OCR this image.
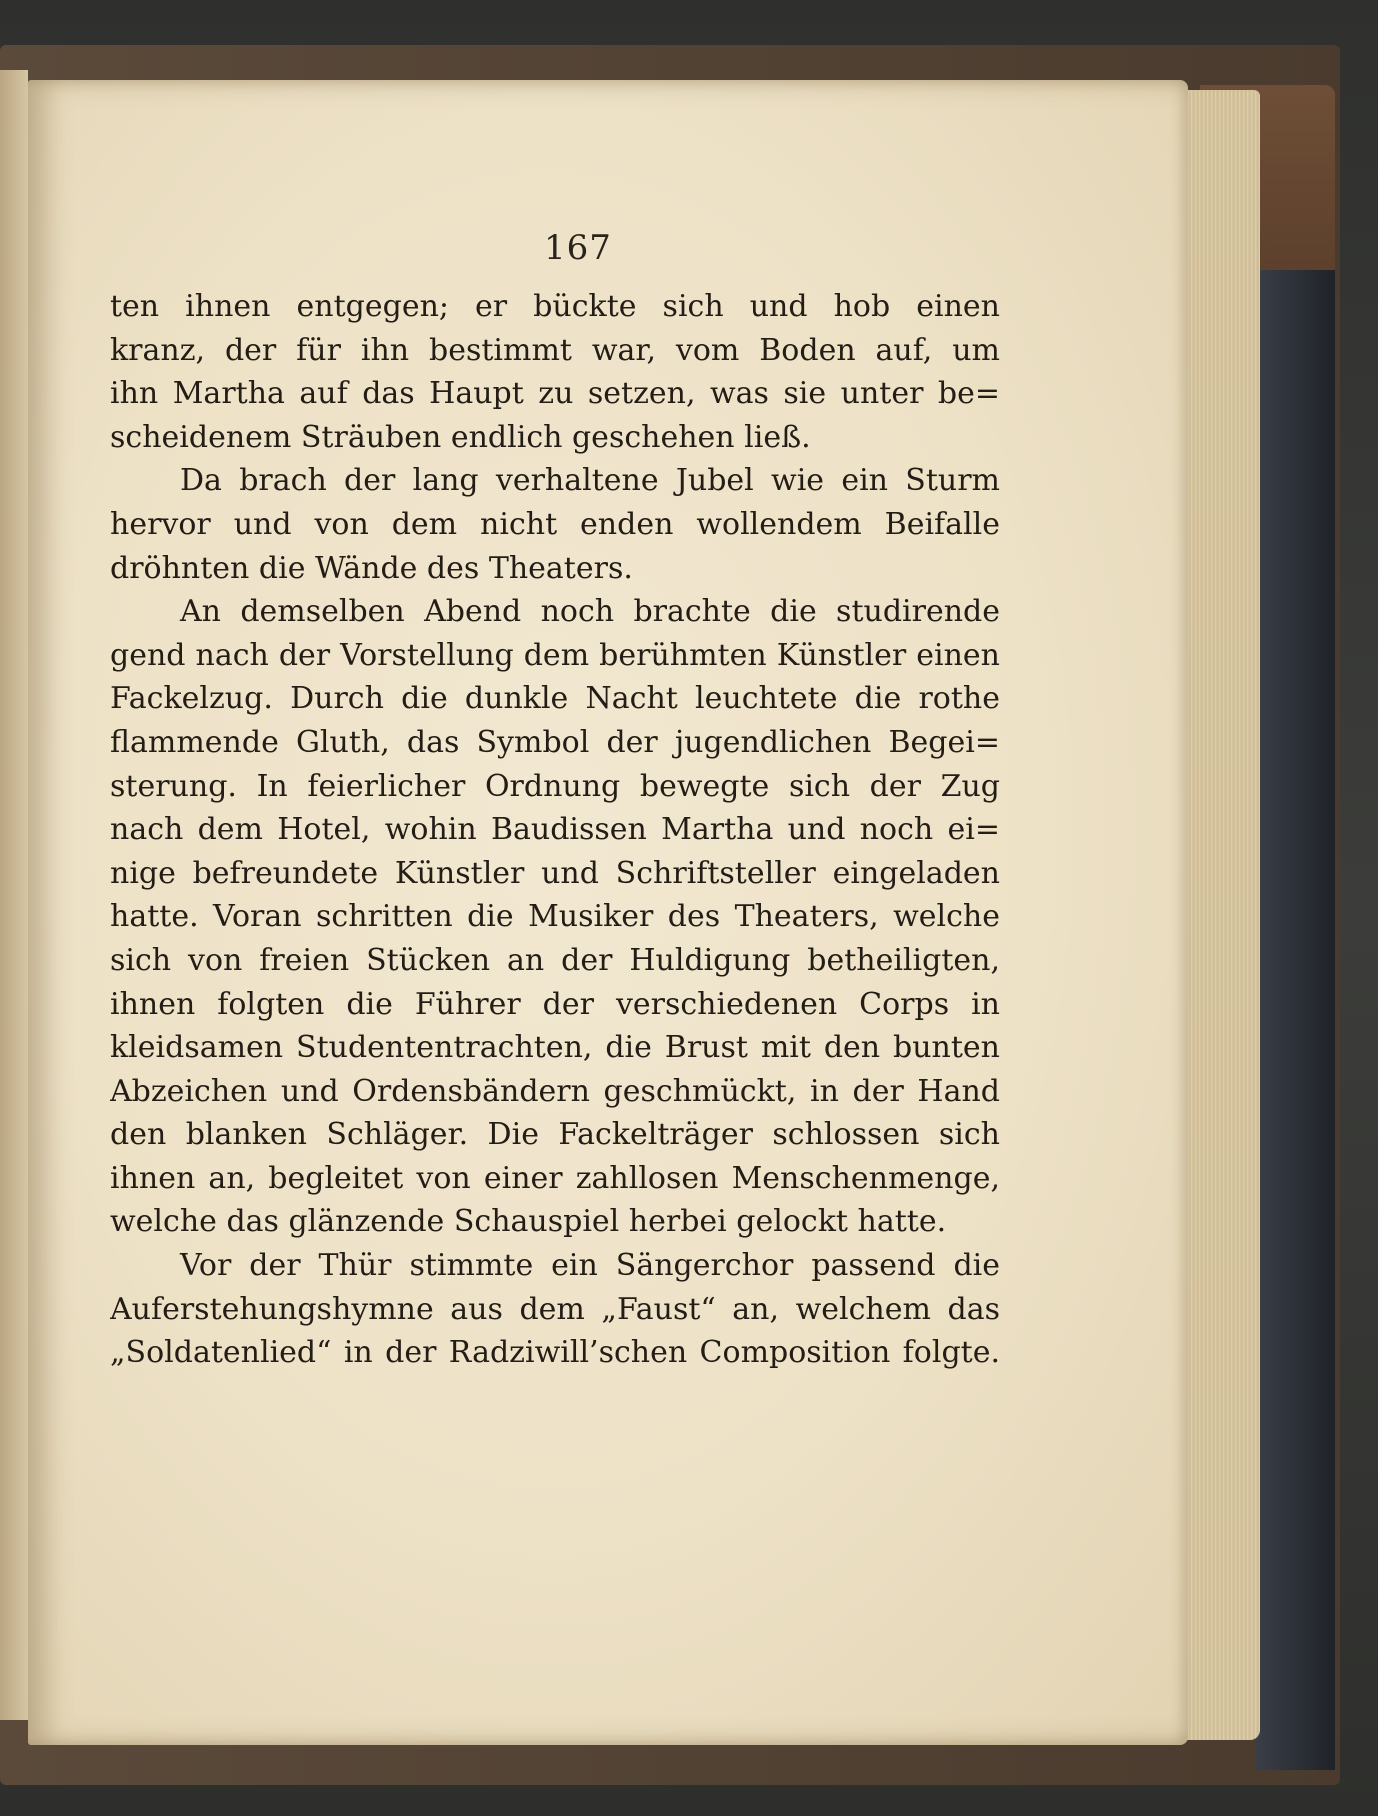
167
ten ihnen entgegen; er bückte sich und hob einen
kranz, der für ihn bestimmt war, vom Boden auf, um
ihn Martha auf das Haupt zu setzen, was sie unter be=
scheidenem Sträuben endlich geschehen ließ.
Da brach der lang verhaltene Jubel wie ein Sturm
hervor und von dem nicht enden wollendem Beifalle
dröhnten die Wände des Theaters.
An demselben Abend noch brachte die studirende
gend nach der Vorstellung dem berühmten Künstler einen
Fackelzug. Durch die dunkle Nacht leuchtete die rothe
flammende Gluth, das Symbol der jugendlichen Begei=
sterung. In feierlicher Ordnung bewegte sich der Zug
nach dem Hotel, wohin Baudissen Martha und noch ei=
nige befreundete Künstler und Schriftsteller eingeladen
hatte. Voran schritten die Musiker des Theaters, welche
sich von freien Stücken an der Huldigung betheiligten,
ihnen folgten die Führer der verschiedenen Corps in
kleidsamen Studententrachten, die Brust mit den bunten
Abzeichen und Ordensbändern geschmückt, in der Hand
den blanken Schläger. Die Fackelträger schlossen sich
ihnen an, begleitet von einer zahllosen Menschenmenge,
welche das glänzende Schauspiel herbei gelockt hatte.
Vor der Thür stimmte ein Sängerchor passend die
Auferstehungshymne aus dem „Faust“ an, welchem das
„Soldatenlied“ in der Radziwill’schen Composition folgte.
